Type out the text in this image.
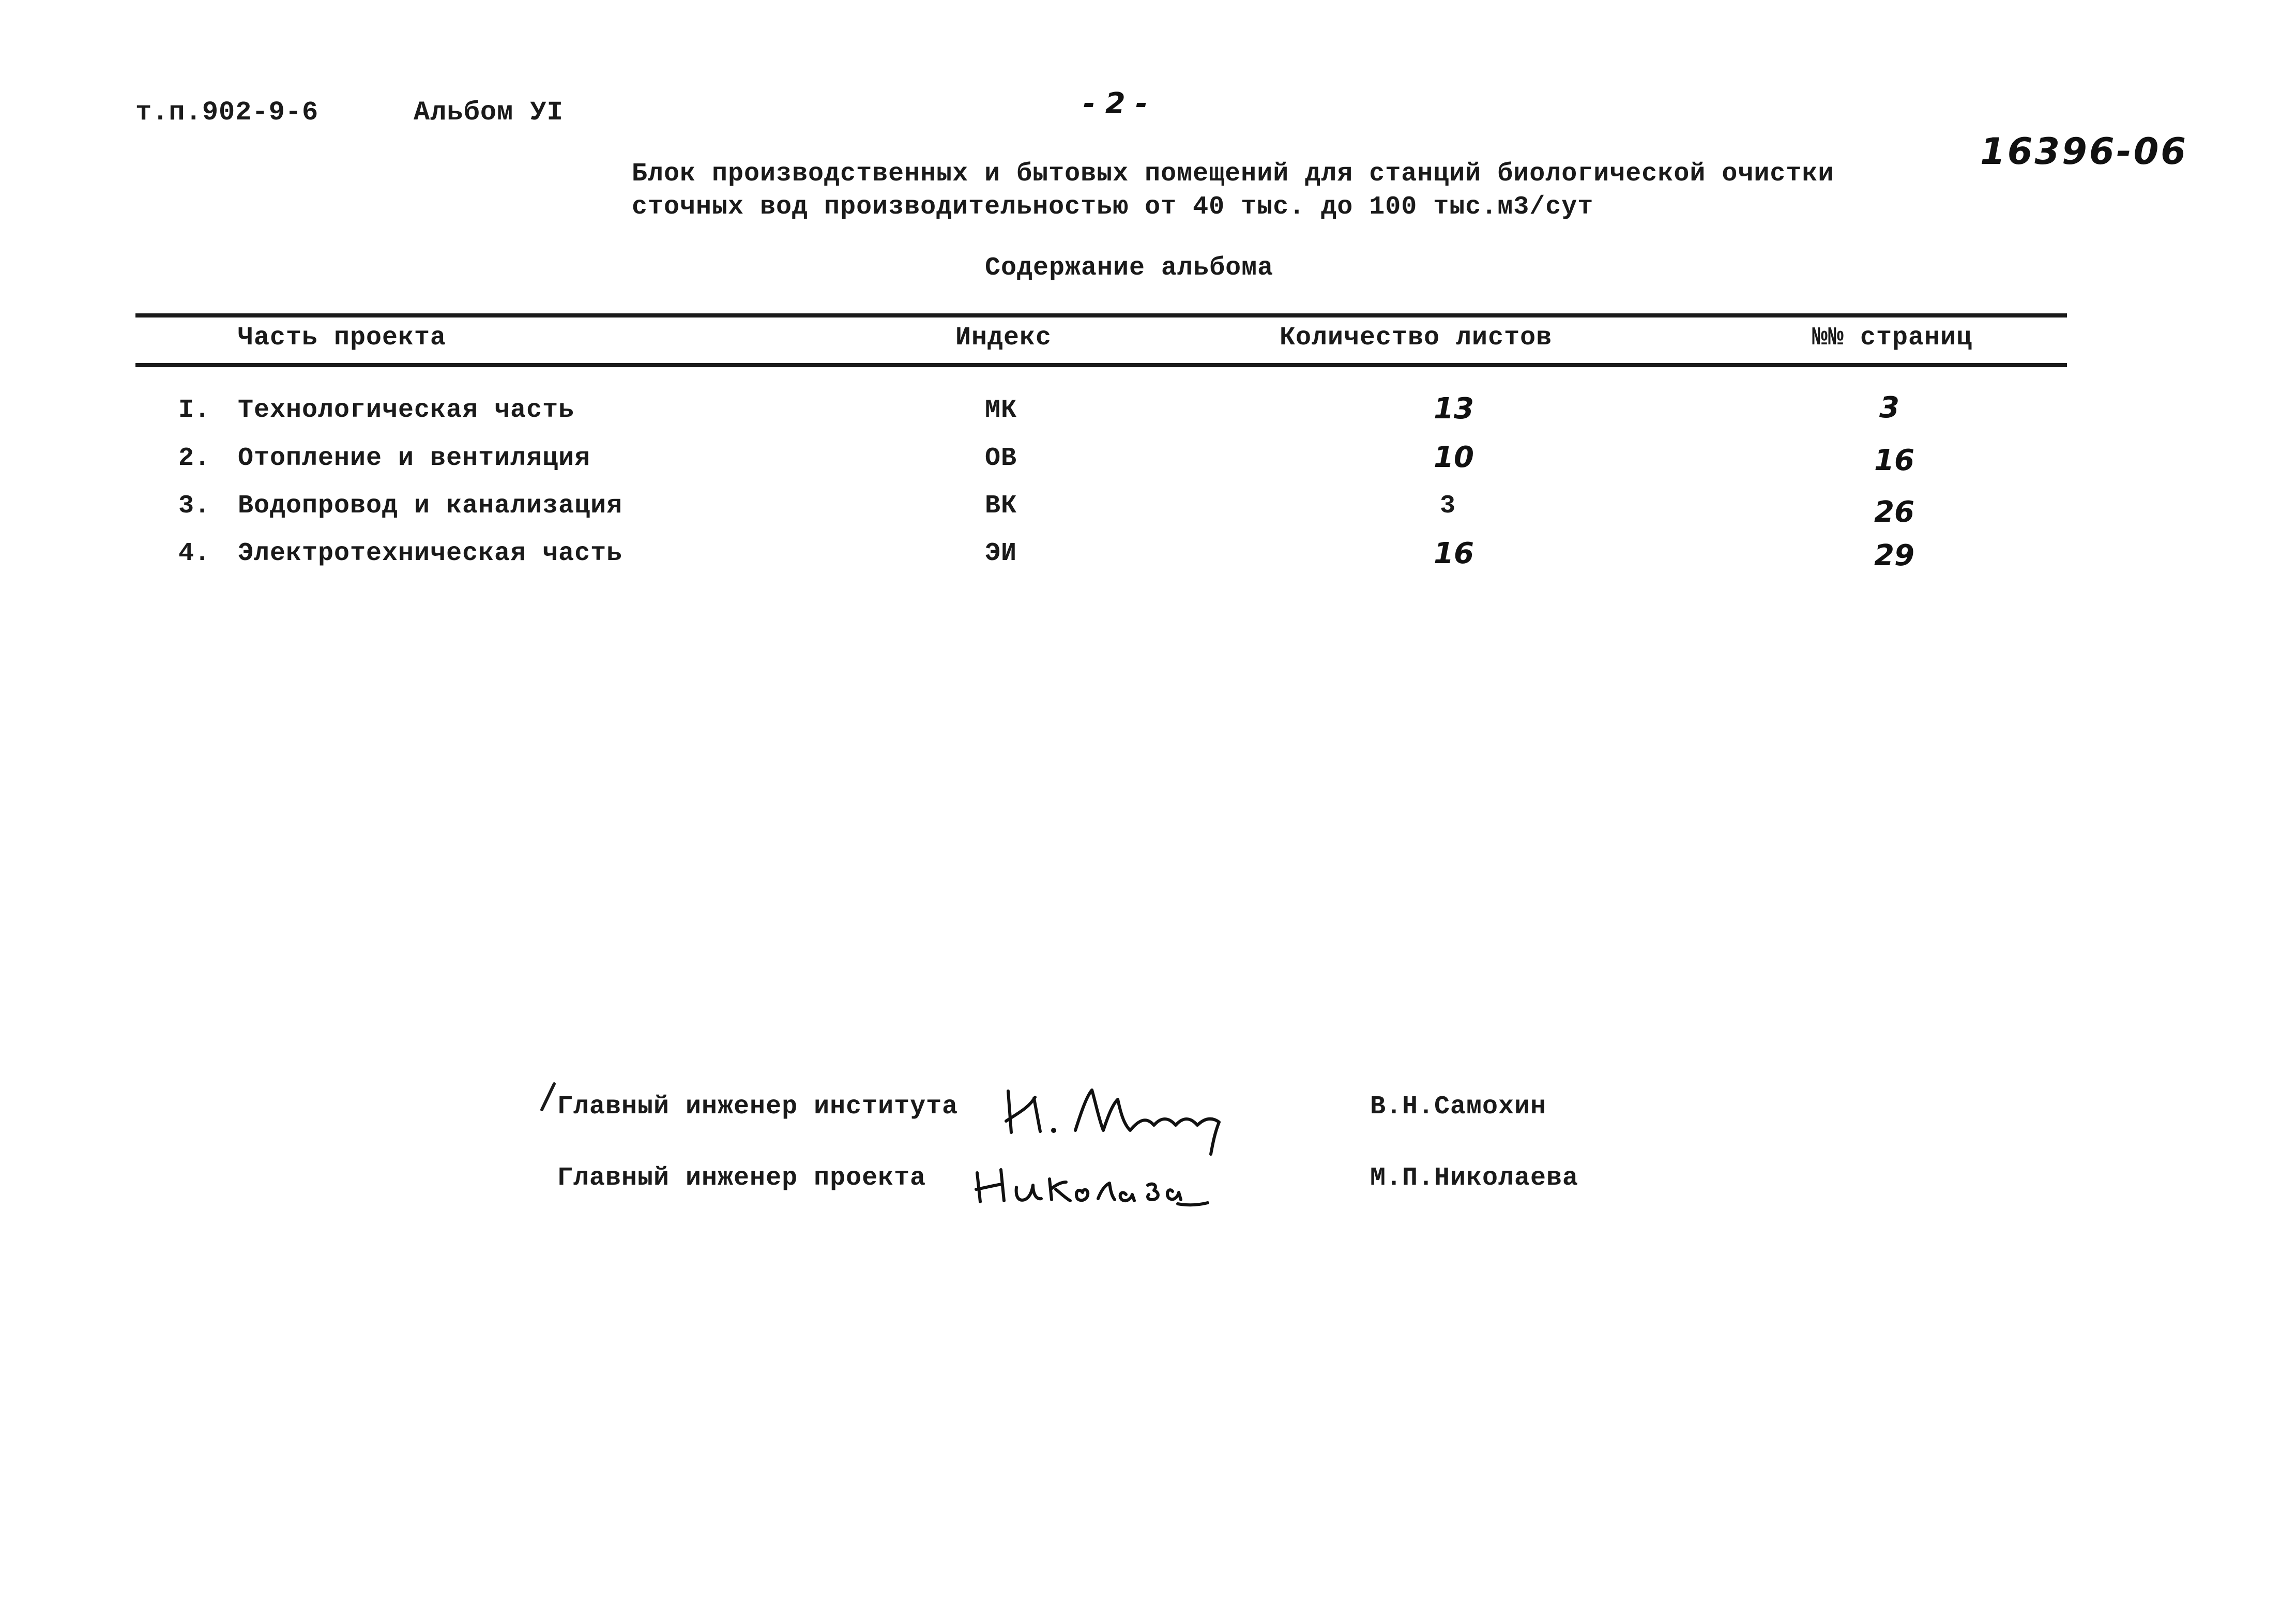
т.п.902-9-6	Альбом УI	- 2 -
16396-06
Блок производственных и бытовых помещений для станций биологической очистки
сточных вод производительностью от 40 тыс. до 100 тыс.м3/сут
Содержание альбома
Часть проекта	Индекс	Количество листов	№№ страниц
I. Технологическая часть	МК	13	3
2. Отопление и вентиляция	ОВ	10	16
3. Водопровод и канализация	ВК	3	26
4. Электротехническая часть	ЭИ	16	29
Главный инженер института	В.Н.Самохин
Главный инженер проекта	М.П.Николаева
